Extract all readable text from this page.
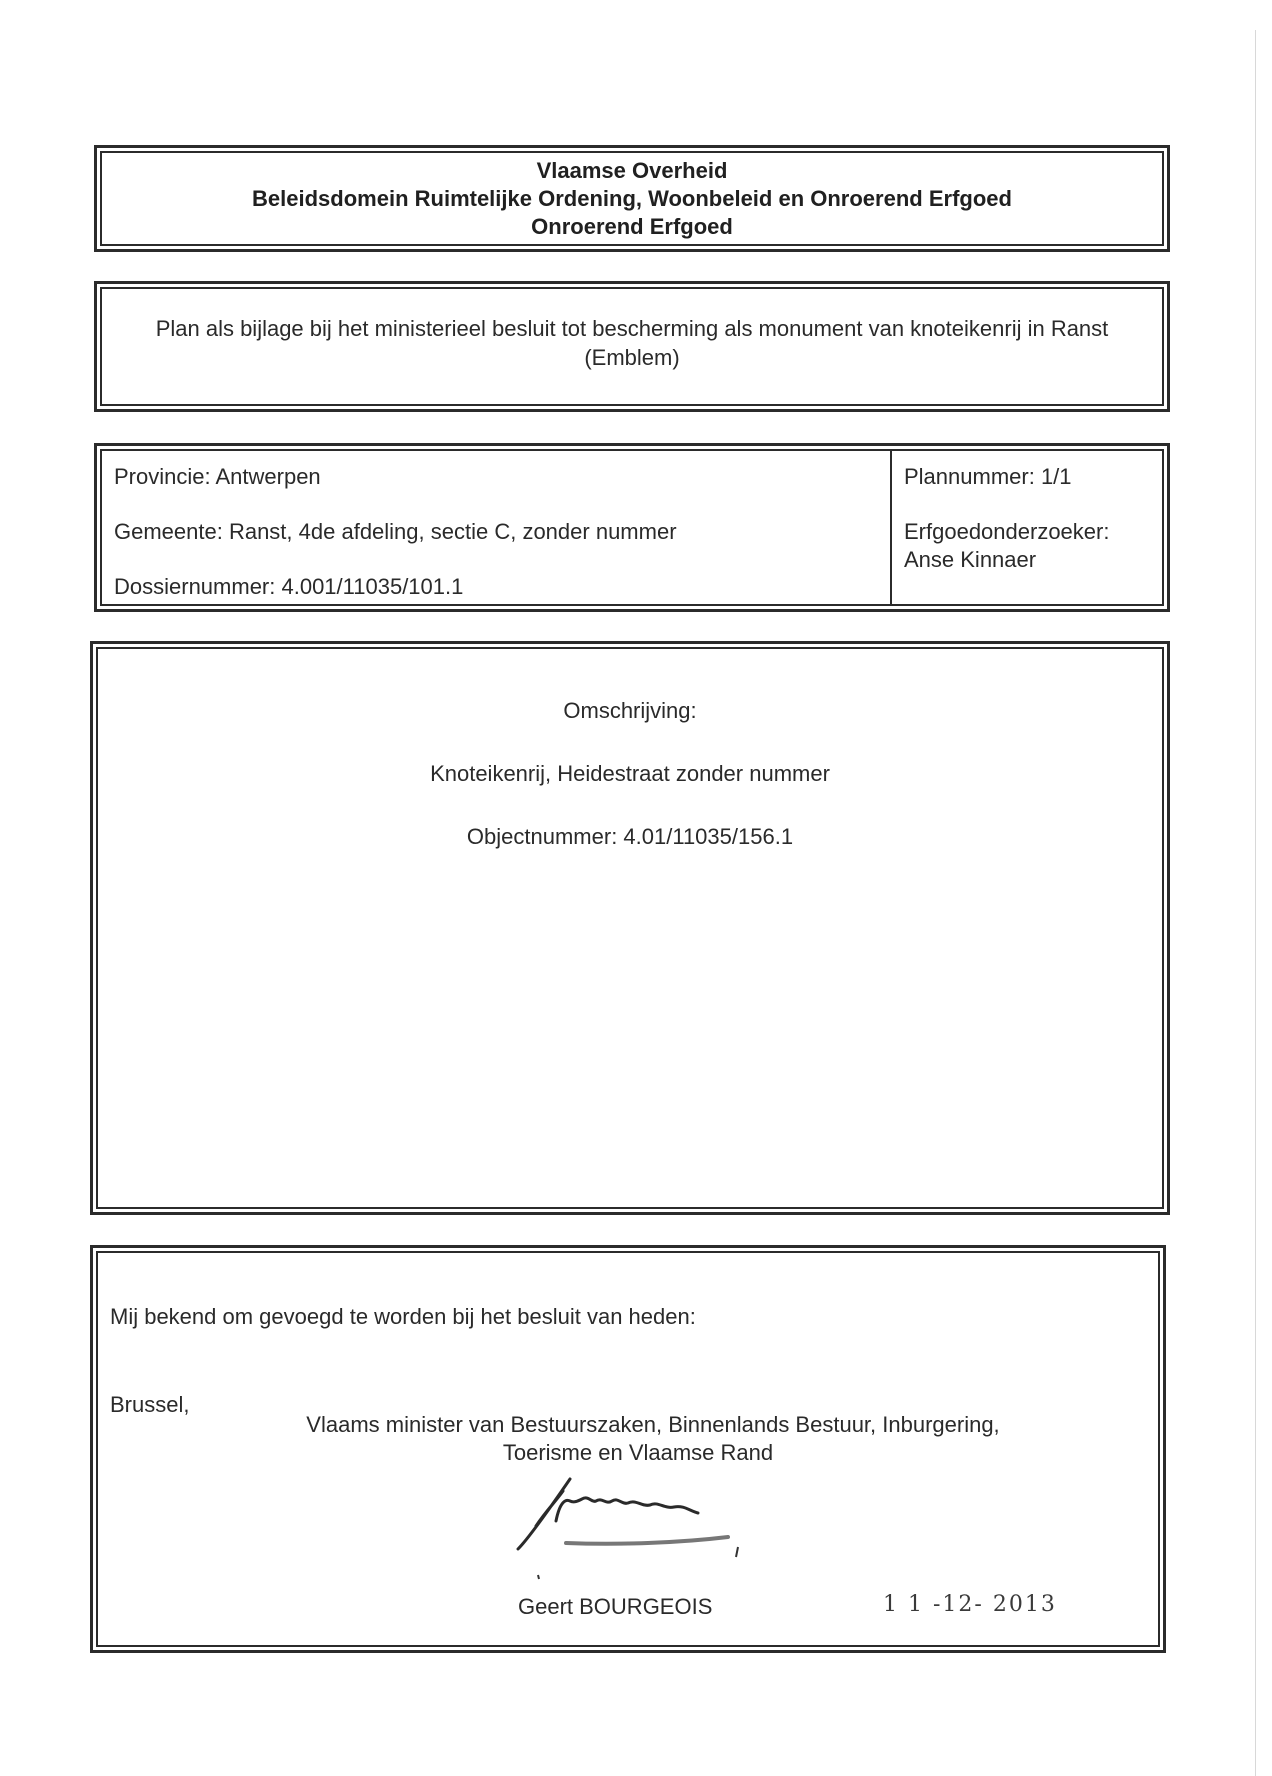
Vlaamse Overheid
Beleidsdomein Ruimtelijke Ordening, Woonbeleid en Onroerend Erfgoed
Onroerend Erfgoed
Plan als bijlage bij het ministerieel besluit tot bescherming als monument van knoteikenrij in Ranst
(Emblem)
Provincie: Antwerpen
Gemeente: Ranst, 4de afdeling, sectie C, zonder nummer
Dossiernummer: 4.001/11035/101.1
Plannummer: 1/1
Erfgoedonderzoeker:
Anse Kinnaer
Omschrijving:
Knoteikenrij, Heidestraat zonder nummer
Objectnummer: 4.01/11035/156.1
Mij bekend om gevoegd te worden bij het besluit van heden:
Brussel,
Vlaams minister van Bestuurszaken, Binnenlands Bestuur, Inburgering,
Toerisme en Vlaamse Rand
Geert BOURGEOIS	1 1 -12- 2013
